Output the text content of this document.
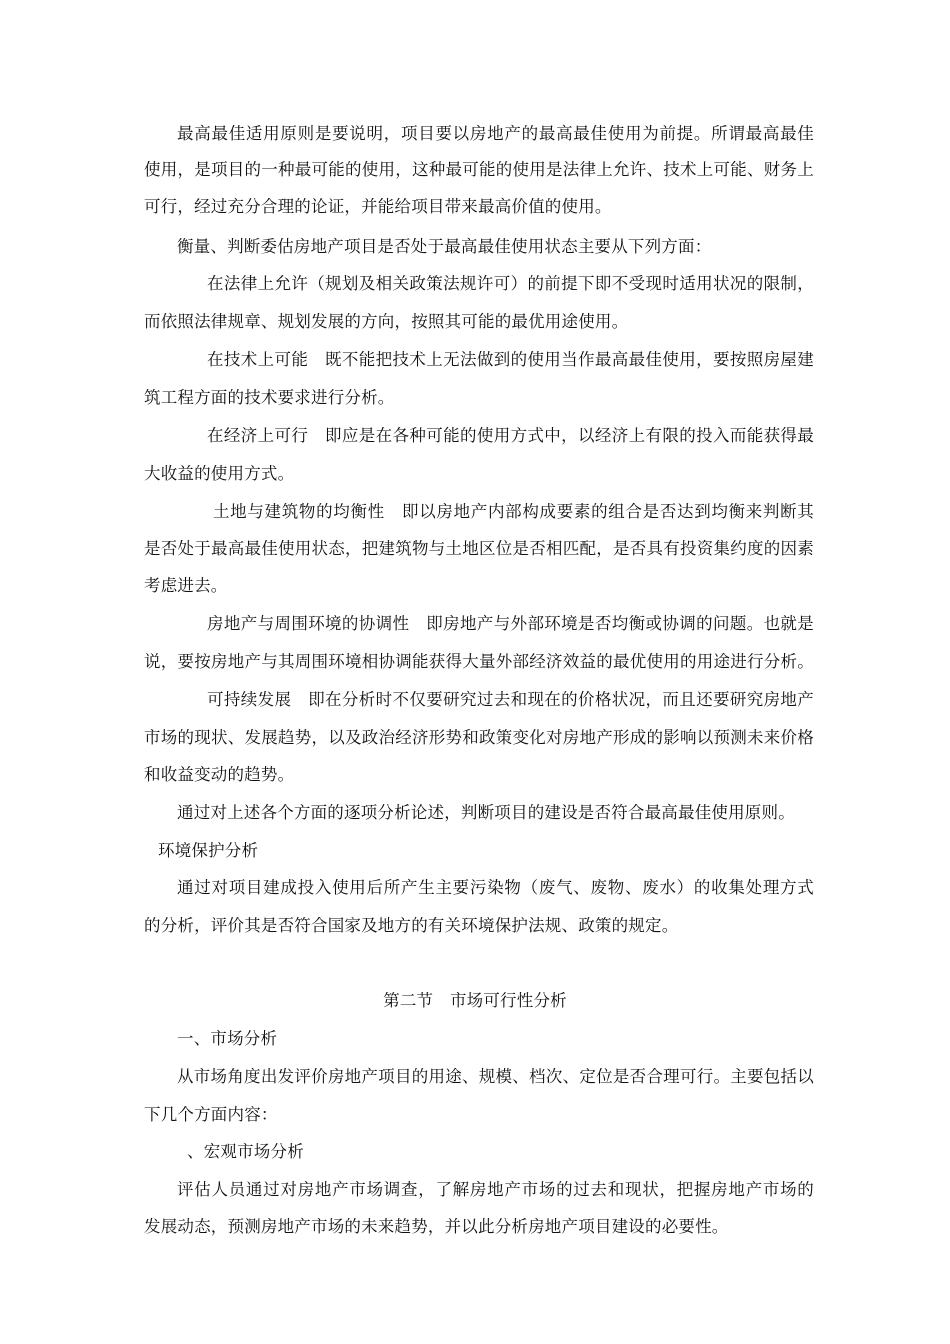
最高最佳适用原则是要说明，项目要以房地产的最高最佳使用为前提。所谓最高最佳
使用，是项目的一种最可能的使用，这种最可能的使用是法律上允许、技术上可能、财务上
可行，经过充分合理的论证，并能给项目带来最高价值的使用。
衡量、判断委估房地产项目是否处于最高最佳使用状态主要从下列方面：
在法律上允许（规划及相关政策法规许可）的前提下即不受现时适用状况的限制，
而依照法律规章、规划发展的方向，按照其可能的最优用途使用。
在技术上可能　既不能把技术上无法做到的使用当作最高最佳使用，要按照房屋建
筑工程方面的技术要求进行分析。
在经济上可行　即应是在各种可能的使用方式中，以经济上有限的投入而能获得最
大收益的使用方式。
土地与建筑物的均衡性　即以房地产内部构成要素的组合是否达到均衡来判断其
是否处于最高最佳使用状态，把建筑物与土地区位是否相匹配，是否具有投资集约度的因素
考虑进去。
房地产与周围环境的协调性　即房地产与外部环境是否均衡或协调的问题。也就是
说，要按房地产与其周围环境相协调能获得大量外部经济效益的最优使用的用途进行分析。
可持续发展　即在分析时不仅要研究过去和现在的价格状况，而且还要研究房地产
市场的现状、发展趋势，以及政治经济形势和政策变化对房地产形成的影响以预测未来价格
和收益变动的趋势。
通过对上述各个方面的逐项分析论述，判断项目的建设是否符合最高最佳使用原则。
环境保护分析
通过对项目建成投入使用后所产生主要污染物（废气、废物、废水）的收集处理方式
的分析，评价其是否符合国家及地方的有关环境保护法规、政策的规定。
第二节　市场可行性分析
一、市场分析
从市场角度出发评价房地产项目的用途、规模、档次、定位是否合理可行。主要包括以
下几个方面内容：
、宏观市场分析
评估人员通过对房地产市场调查，了解房地产市场的过去和现状，把握房地产市场的
发展动态，预测房地产市场的未来趋势，并以此分析房地产项目建设的必要性。
